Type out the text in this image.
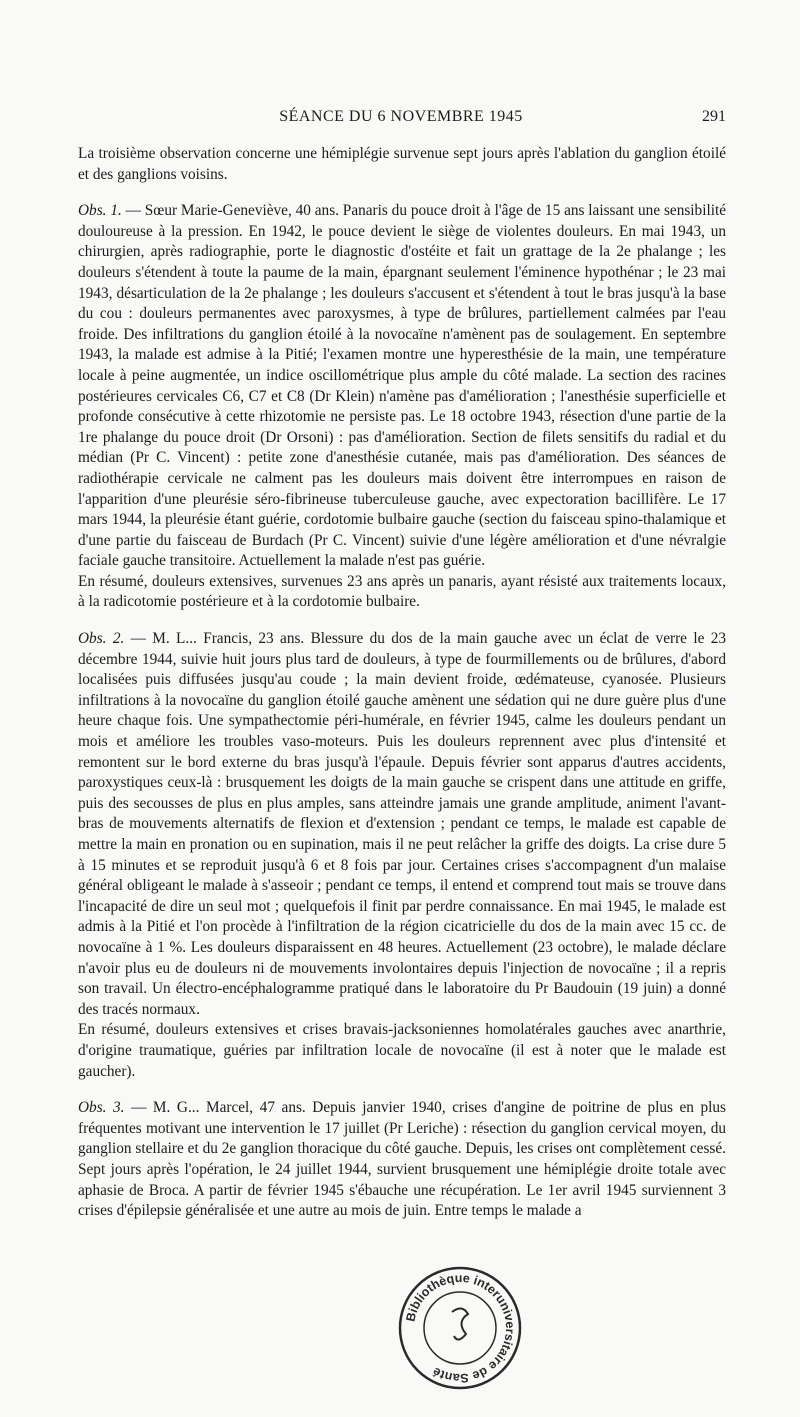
SÉANCE DU 6 NOVEMBRE 1945	291

La troisième observation concerne une hémiplégie survenue sept jours après l'ablation du ganglion étoilé et des ganglions voisins.

Obs. 1. — Sœur Marie-Geneviève, 40 ans. Panaris du pouce droit à l'âge de 15 ans laissant une sensibilité douloureuse à la pression. En 1942, le pouce devient le siège de violentes douleurs. En mai 1943, un chirurgien, après radiographie, porte le diagnostic d'ostéite et fait un grattage de la 2e phalange ; les douleurs s'étendent à toute la paume de la main, épargnant seulement l'éminence hypothénar ; le 23 mai 1943, désarticulation de la 2e phalange ; les douleurs s'accusent et s'étendent à tout le bras jusqu'à la base du cou : douleurs permanentes avec paroxysmes, à type de brûlures, partiellement calmées par l'eau froide. Des infiltrations du ganglion étoilé à la novocaïne n'amènent pas de soulagement. En septembre 1943, la malade est admise à la Pitié; l'examen montre une hyperesthésie de la main, une température locale à peine augmentée, un indice oscillométrique plus ample du côté malade. La section des racines postérieures cervicales C6, C7 et C8 (Dr Klein) n'amène pas d'amélioration ; l'anesthésie superficielle et profonde consécutive à cette rhizotomie ne persiste pas. Le 18 octobre 1943, résection d'une partie de la 1re phalange du pouce droit (Dr Orsoni) : pas d'amélioration. Section de filets sensitifs du radial et du médian (Pr C. Vincent) : petite zone d'anesthésie cutanée, mais pas d'amélioration. Des séances de radiothérapie cervicale ne calment pas les douleurs mais doivent être interrompues en raison de l'apparition d'une pleurésie séro-fibrineuse tuberculeuse gauche, avec expectoration bacillifère. Le 17 mars 1944, la pleurésie étant guérie, cordotomie bulbaire gauche (section du faisceau spino-thalamique et d'une partie du faisceau de Burdach (Pr C. Vincent) suivie d'une légère amélioration et d'une névralgie faciale gauche transitoire. Actuellement la malade n'est pas guérie.

En résumé, douleurs extensives, survenues 23 ans après un panaris, ayant résisté aux traitements locaux, à la radicotomie postérieure et à la cordotomie bulbaire.

Obs. 2. — M. L... Francis, 23 ans. Blessure du dos de la main gauche avec un éclat de verre le 23 décembre 1944, suivie huit jours plus tard de douleurs, à type de fourmillements ou de brûlures, d'abord localisées puis diffusées jusqu'au coude ; la main devient froide, œdémateuse, cyanosée. Plusieurs infiltrations à la novocaïne du ganglion étoilé gauche amènent une sédation qui ne dure guère plus d'une heure chaque fois. Une sympathectomie péri-humérale, en février 1945, calme les douleurs pendant un mois et améliore les troubles vaso-moteurs. Puis les douleurs reprennent avec plus d'intensité et remontent sur le bord externe du bras jusqu'à l'épaule. Depuis février sont apparus d'autres accidents, paroxystiques ceux-là : brusquement les doigts de la main gauche se crispent dans une attitude en griffe, puis des secousses de plus en plus amples, sans atteindre jamais une grande amplitude, animent l'avant-bras de mouvements alternatifs de flexion et d'extension ; pendant ce temps, le malade est capable de mettre la main en pronation ou en supination, mais il ne peut relâcher la griffe des doigts. La crise dure 5 à 15 minutes et se reproduit jusqu'à 6 et 8 fois par jour. Certaines crises s'accompagnent d'un malaise général obligeant le malade à s'asseoir ; pendant ce temps, il entend et comprend tout mais se trouve dans l'incapacité de dire un seul mot ; quelquefois il finit par perdre connaissance. En mai 1945, le malade est admis à la Pitié et l'on procède à l'infiltration de la région cicatricielle du dos de la main avec 15 cc. de novocaïne à 1 %. Les douleurs disparaissent en 48 heures. Actuellement (23 octobre), le malade déclare n'avoir plus eu de douleurs ni de mouvements involontaires depuis l'injection de novocaïne ; il a repris son travail. Un électro-encéphalogramme pratiqué dans le laboratoire du Pr Baudouin (19 juin) a donné des tracés normaux.

En résumé, douleurs extensives et crises bravais-jacksoniennes homolatérales gauches avec anarthrie, d'origine traumatique, guéries par infiltration locale de novocaïne (il est à noter que le malade est gaucher).

Obs. 3. — M. G... Marcel, 47 ans. Depuis janvier 1940, crises d'angine de poitrine de plus en plus fréquentes motivant une intervention le 17 juillet (Pr Leriche) : résection du ganglion cervical moyen, du ganglion stellaire et du 2e ganglion thoracique du côté gauche. Depuis, les crises ont complètement cessé. Sept jours après l'opération, le 24 juillet 1944, survient brusquement une hémiplégie droite totale avec aphasie de Broca. A partir de février 1945 s'ébauche une récupération. Le 1er avril 1945 surviennent 3 crises d'épilepsie généralisée et une autre au mois de juin. Entre temps le malade a

Bibliothèque interuniversitaire de Santé
